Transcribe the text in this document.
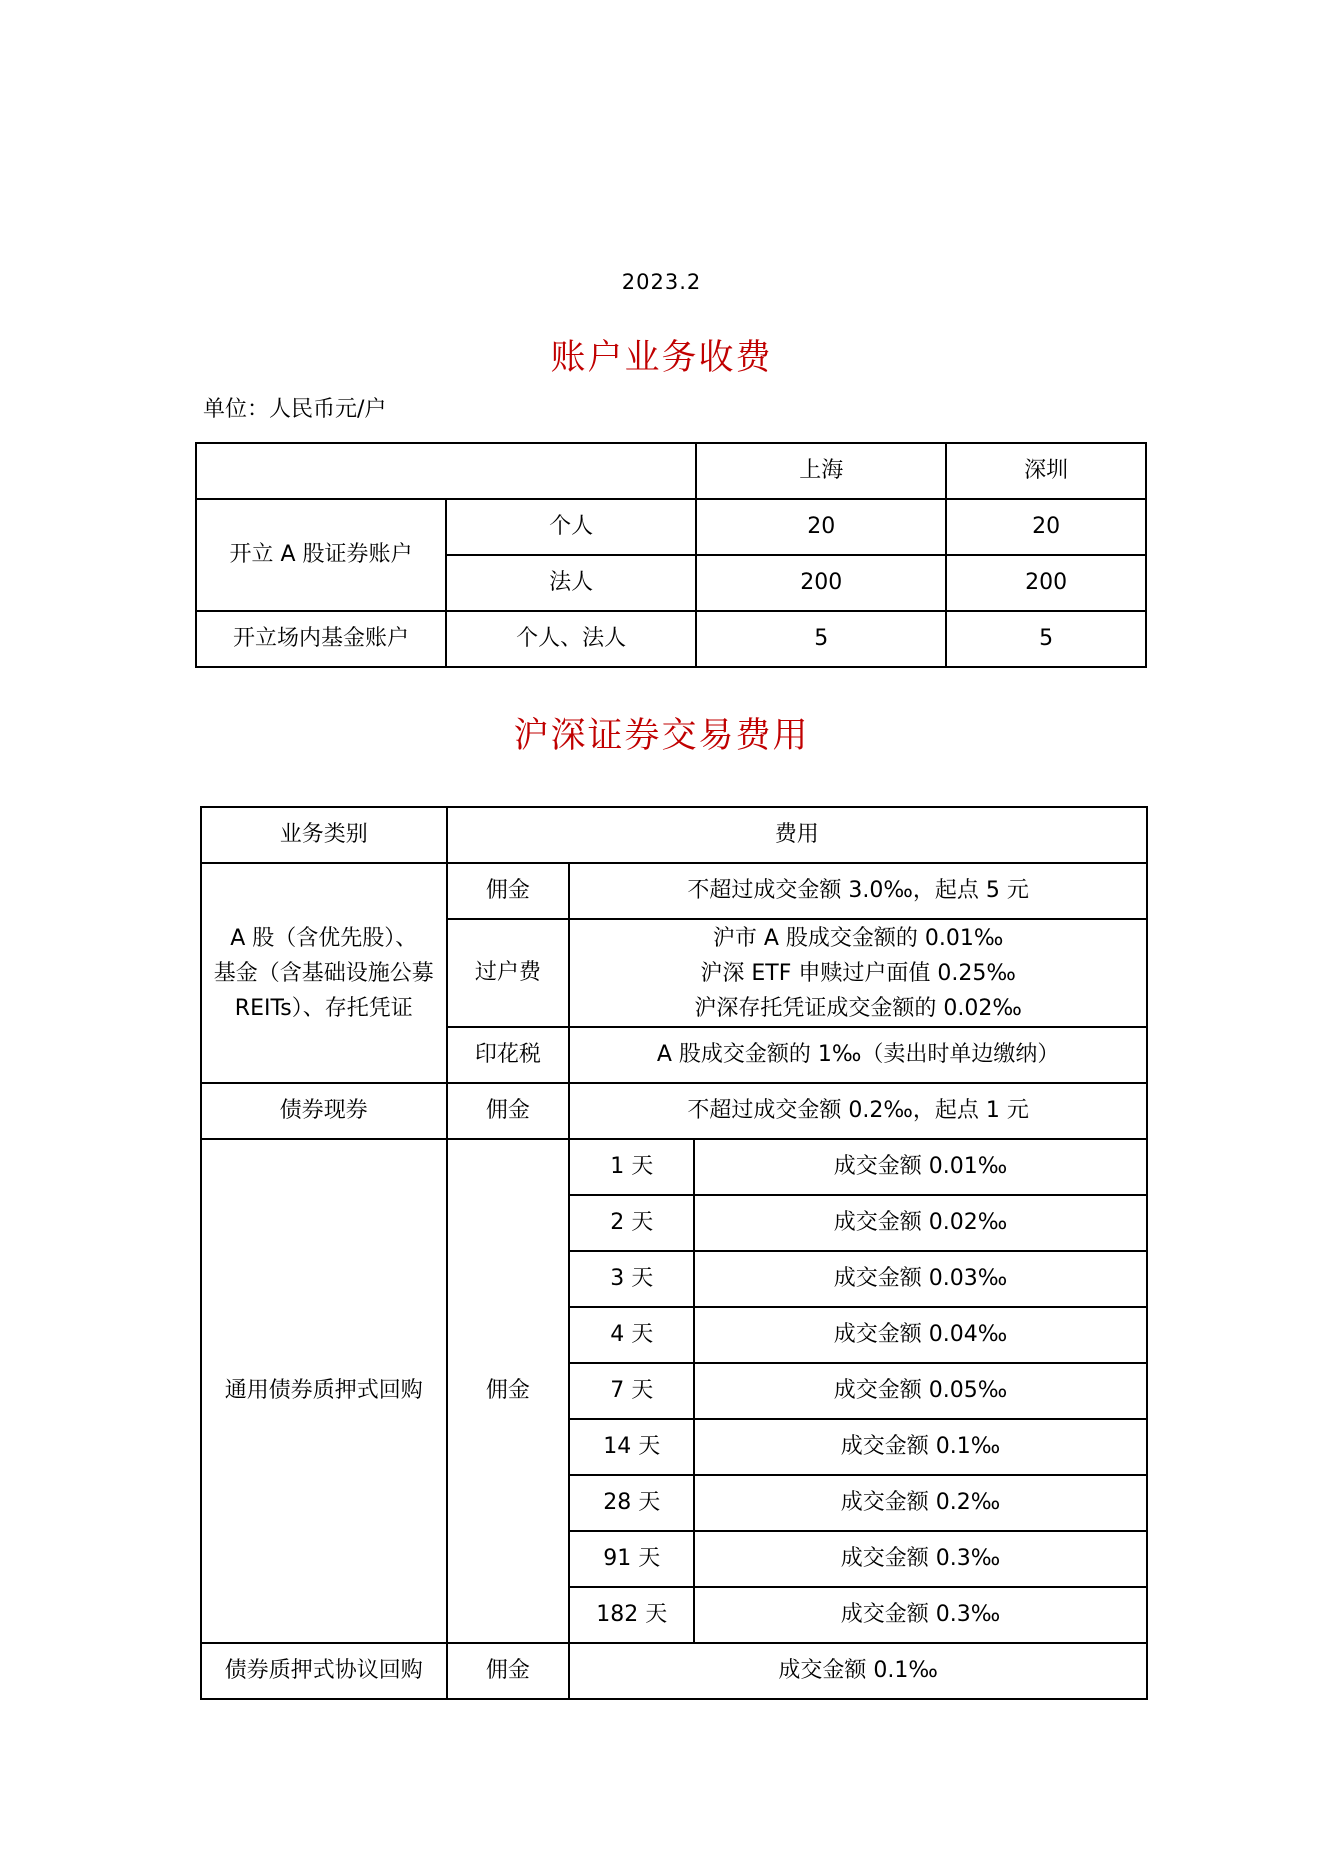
2023.2
账户业务收费
单位：人民币元/户
		上海	深圳
开立 A 股证券账户	个人	20	20
	法人	200	200
开立场内基金账户	个人、法人	5	5
沪深证券交易费用
业务类别	费用		

A 股（含优先股）、
基金（含基础设施公募
REITs）、存托凭证	佣金	不超过成交金额 3.0‰，起点 5 元	
	过户费	沪市 A 股成交金额的 0.01‰
沪深 ETF 申赎过户面值 0.25‰
沪深存托凭证成交金额的 0.02‰	

	印花税	A 股成交金额的 1‰（卖出时单边缴纳）	
债券现券	佣金	不超过成交金额 0.2‰，起点 1 元	
通用债券质押式回购	佣金	1 天	成交金额 0.01‰
		2 天	成交金额 0.02‰
		3 天	成交金额 0.03‰
		4 天	成交金额 0.04‰
		7 天	成交金额 0.05‰
		14 天	成交金额 0.1‰
		28 天	成交金额 0.2‰
		91 天	成交金额 0.3‰
		182 天	成交金额 0.3‰
债券质押式协议回购	佣金	成交金额 0.1‰	
